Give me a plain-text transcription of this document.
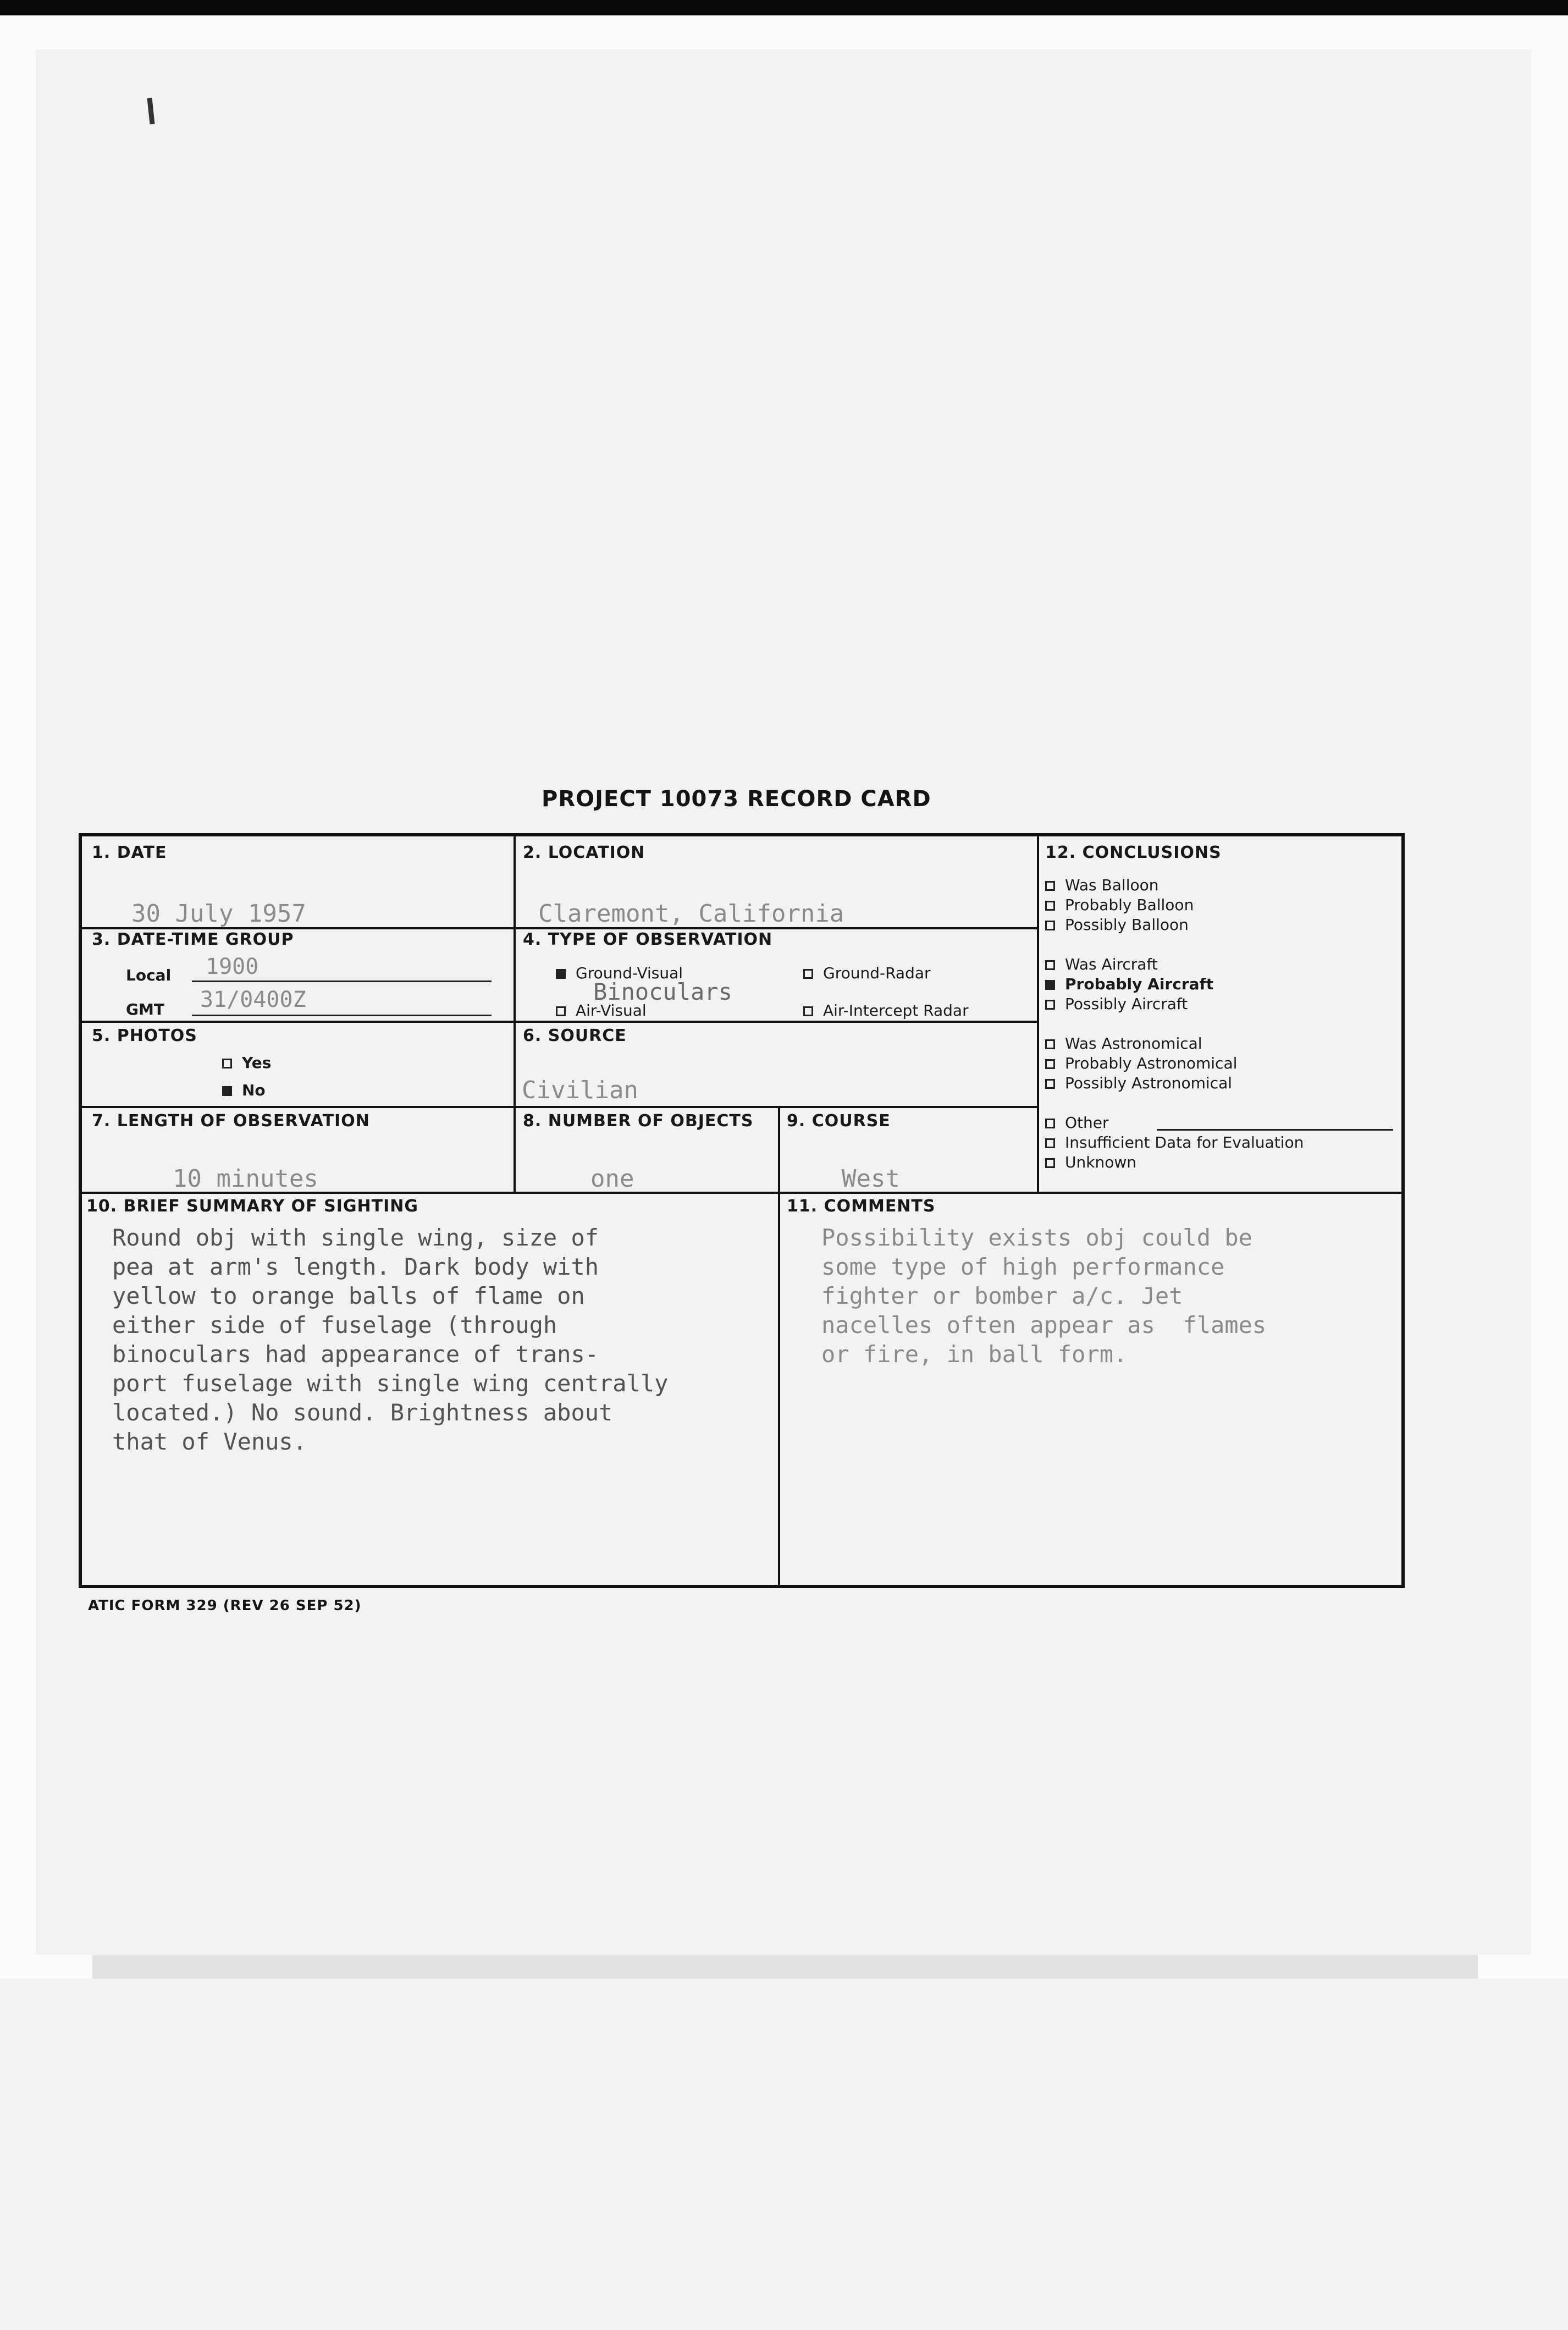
PROJECT 10073 RECORD CARD
1. DATE
30 July 1957
2. LOCATION
Claremont, California
3. DATE-TIME GROUP
Local 1900
GMT 31/0400Z
4. TYPE OF OBSERVATION
Ground-Visual	Ground-Radar
Binoculars
Air-Visual	Air-Intercept Radar
5. PHOTOS
Yes
No
6. SOURCE
Civilian
7. LENGTH OF OBSERVATION
10 minutes
8. NUMBER OF OBJECTS
one
9. COURSE
West
12. CONCLUSIONS
Was Balloon
Probably Balloon
Possibly Balloon
Was Aircraft
Probably Aircraft
Possibly Aircraft
Was Astronomical
Probably Astronomical
Possibly Astronomical
Other
Insufficient Data for Evaluation
Unknown
10. BRIEF SUMMARY OF SIGHTING
Round obj with single wing, size of
pea at arm's length. Dark body with
yellow to orange balls of flame on
either side of fuselage (through
binoculars had appearance of trans-
port fuselage with single wing centrally
located.) No sound. Brightness about
that of Venus.
11. COMMENTS
Possibility exists obj could be
some type of high performance
fighter or bomber a/c. Jet
nacelles often appear as  flames
or fire, in ball form.
ATIC FORM 329 (REV 26 SEP 52)
